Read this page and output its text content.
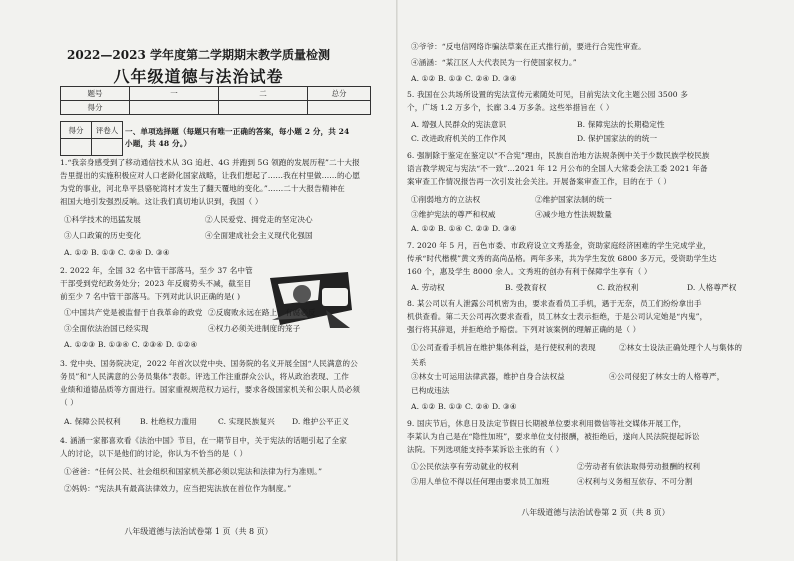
2022—2023 学年度第二学期期末教学质量检测
八年级道德与法治试卷
题号	一	二	总分
得分			
得分	评卷人
	一、单项选择题（每题只有唯一正确的答案，每小题 2 分，共 24
小题，共 48 分。）
1.“我亲身感受到了移动通信技术从 3G 追赶、4G 并跑到 5G 领跑的发展历程”二十大报
告里提出的实施积极应对人口老龄化国家战略，让我们想起了……我在村里做……的心愿
为党的事业，河北阜平县骆驼湾村才发生了翻天覆地的变化。”……二十大报告精神在
祖国大地引发强烈反响。这让我们真切地认识到，我国（ ）
①科学技术的迅猛发展	②人民爱党、拥党走的坚定决心
③人口政策的历史变化	④全面建成社会主义现代化强国
A. ①② B. ①③ C. ②④ D. ③④
2. 2022 年，全国 32 名中管干部落马，至少 37 名中管
干部受到党纪政务处分；2023 年反腐势头不减，截至目
前至少 7 名中管干部落马。下列对此认识正确的是( )
①中国共产党是被监督于自我革命的政党 ②反腐败永远在路上，有腐必反
③全面依法治国已经实现	④权力必须关进制度的笼子
A. ①②③ B. ①③④ C. ②③④ D. ①②④
3. 党中央、国务院决定，2022 年首次以党中央、国务院的名义开展全国“人民满意的公
务员”和“人民满意的公务员集体”表彰。评选工作注重群众公认，将从政治表现、工作
业绩和道德品质等方面进行。国家重视规范权力运行，要求各级国家机关和公职人员必须
（ ）
A. 保障公民权利	B. 杜绝权力滥用	C. 实现民族复兴 D. 维护公平正义
4. 涵涵一家都喜欢看《法治中国》节目，在一期节目中，关于宪法的话题引起了全家
人的讨论，以下是他们的讨论，你认为不恰当的是（ ）
①爸爸：“任何公民、社会组织和国家机关都必须以宪法和法律为行为准则。”
②妈妈：“宪法具有最高法律效力，应当把宪法放在首位作为制度。”
八年级道德与法治试卷第 1 页（共 8 页）
③爷爷：“反电信网络诈骗法草案在正式推行前，要进行合宪性审查。
④涵涵：“某江区人大代表民为一行使国家权力。”
A. ①② B. ①③ C. ②④ D. ③④
5. 我国在公共场所设置的宪法宣传元素随处可见，目前宪法文化主题公园 3500 多
个，广场 1.2 万多个，长廊 3.4 万多条。这些举措旨在（ ）
A. 增强人民群众的宪法意识	B. 保障宪法的长期稳定性
C. 改进政府机关的工作作风	D. 保护国家法的的统一
6. 强制除于鉴定在鉴定以“不合宪”理由，民族自治地方法规条例中关于少数民族学校民族
语言教学规定与宪法“不一致”…2021 年 12 月公布的全国人大常委会法工委 2021 年备
案审查工作情况报告再一次引发社会关注。开展备案审查工作，目的在于（ ）
①削弱地方的立法权	②维护国家法制的统一
③维护宪法的尊严和权威	④减少地方性法规数量
A. ①② B. ①④ C. ②③ D. ③④
7. 2020 年 5 月，百色市委、市政府设立文秀基金，资助家庭经济困难的学生完成学业，
传承“时代楷模”黄文秀的高尚品格。两年多来，共为学生发放 6800 多万元，受资助学生达
160 个，惠及学生 8000 余人。文秀班的创办有利于保障学生享有（ ）
A. 劳动权	B. 受教育权	C. 政治权利	D. 人格尊严权
8. 某公司以有人泄露公司机密为由，要求查看员工手机，遇于无奈，员工们纷纷拿出手
机供查看。第二天公司再次要求查看，员工林女士表示拒绝，于是公司认定她是“内鬼”，
强行将其辞退，并拒绝给予赔偿。下列对该案例的理解正确的是（ ）
①公司查看手机旨在维护集体利益，是行使权利的表现	②林女士设法正确处理个人与集体的
关系
③林女士可运用法律武器，维护自身合法权益	④公司侵犯了林女士的人格尊严，
已构成违法
A. ①② B. ①③ C. ②④ D. ③④
9. 国庆节后，休息日及法定节假日长期被单位要求利用微信等社交媒体开展工作，
李某认为自己是在“隐性加班”，要求单位支付报酬，被拒绝后，遂向人民法院提起诉讼
法院。下列选项能支持李某诉讼主张的有（ ）
①公民依法享有劳动就业的权利	②劳动者有依法取得劳动报酬的权利
③用人单位不得以任何理由要求员工加班	④权利与义务相互依存、不可分割
八年级道德与法治试卷第 2 页（共 8 页）
